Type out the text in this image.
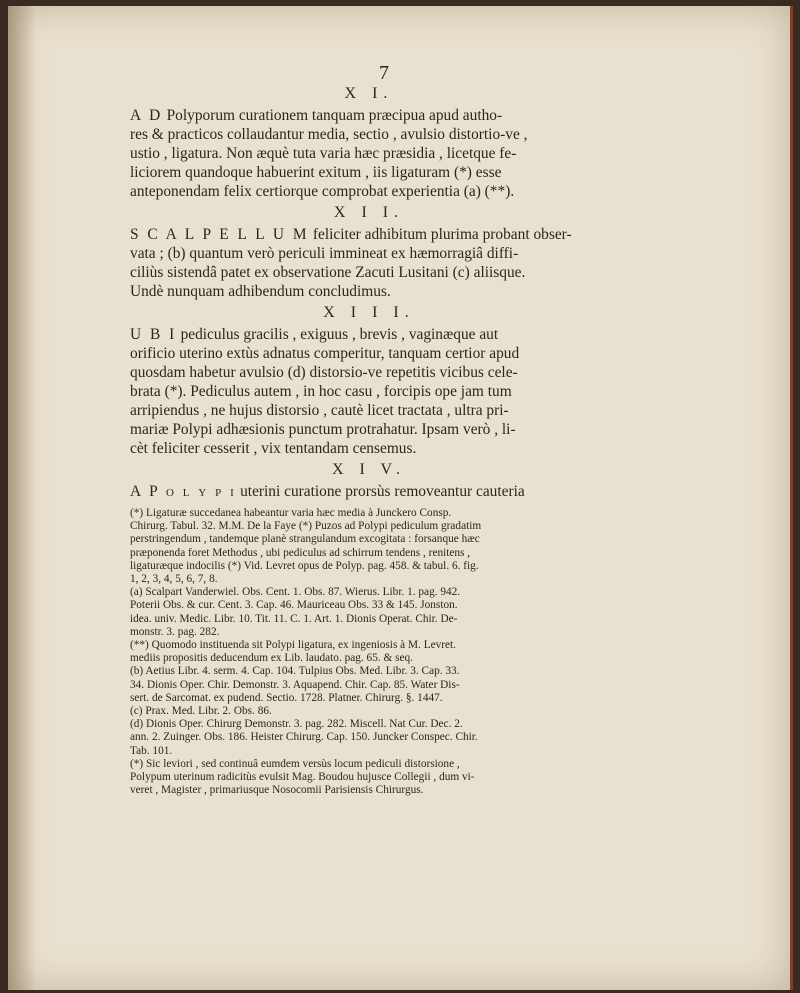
7
X I.
A D Polyporum curationem tanquam præcipua apud autho-
res & practicos collaudantur media, sectio , avulsio distortio-ve ,
ustio , ligatura. Non æquè tuta varia hæc præsidia , licetque fe-
liciorem quandoque habuerint exitum , iis ligaturam (*) esse
anteponendam felix certiorque comprobat experientia (a) (**).
X I I.
S C A L P E L L U M feliciter adhibitum plurima probant obser-
vata ; (b) quantum verò periculi immineat ex hæmorragiâ diffi-
ciliùs sistendâ patet ex observatione Zacuti Lusitani (c) aliisque.
Undè nunquam adhibendum concludimus.
X I I I.
U B I pediculus gracilis , exiguus , brevis , vaginæque aut
orificio uterino extùs adnatus comperitur, tanquam certior apud
quosdam habetur avulsio (d) distorsio-ve repetitis vicibus cele-
brata (*). Pediculus autem , in hoc casu , forcipis ope jam tum
arripiendus , ne hujus distorsio , cautè licet tractata , ultra pri-
mariæ Polypi adhæsionis punctum protrahatur. Ipsam verò , li-
cèt feliciter cesserit , vix tentandam censemus.
X I V.
A P o l y p i uterini curatione prorsùs removeantur cauteria
(*) Ligaturæ succedanea habeantur varia hæc media à Junckero Consp.
Chirurg. Tabul. 32. M.M. De la Faye (*) Puzos ad Polypi pediculum gradatim
perstringendum , tandemque planè strangulandum excogitata : forsanque hæc
præponenda foret Methodus , ubi pediculus ad schirrum tendens , renitens ,
ligaturæque indocilis (*) Vid. Levret opus de Polyp. pag. 458. & tabul. 6. fig.
1, 2, 3, 4, 5, 6, 7, 8.
(a) Scalpart Vanderwiel. Obs. Cent. 1. Obs. 87. Wierus. Libr. 1. pag. 942.
Poterii Obs. & cur. Cent. 3. Cap. 46. Mauriceau Obs. 33 & 145. Jonston.
idea. univ. Medic. Libr. 10. Tit. 11. C. 1. Art. 1. Dionis Operat. Chir. De-
monstr. 3. pag. 282.
(**) Quomodo instituenda sit Polypi ligatura, ex ingeniosis à M. Levret.
mediis propositis deducendum ex Lib. laudato. pag. 65. & seq.
(b) Aetius Libr. 4. serm. 4. Cap. 104. Tulpius Obs. Med. Libr. 3. Cap. 33.
34. Dionis Oper. Chir. Demonstr. 3. Aquapend. Chir. Cap. 85. Water Dis-
sert. de Sarcomat. ex pudend. Sectio. 1728. Platner. Chirurg. §. 1447.
(c) Prax. Med. Libr. 2. Obs. 86.
(d) Dionis Oper. Chirurg Demonstr. 3. pag. 282. Miscell. Nat Cur. Dec. 2.
ann. 2. Zuinger. Obs. 186. Heister Chirurg. Cap. 150. Juncker Conspec. Chir.
Tab. 101.
(*) Sic leviori , sed continuâ eumdem versùs locum pediculi distorsione ,
Polypum uterinum radicitùs evulsit Mag. Boudou hujusce Collegii , dum vi-
veret , Magister , primariusque Nosocomii Parisiensis Chirurgus.
